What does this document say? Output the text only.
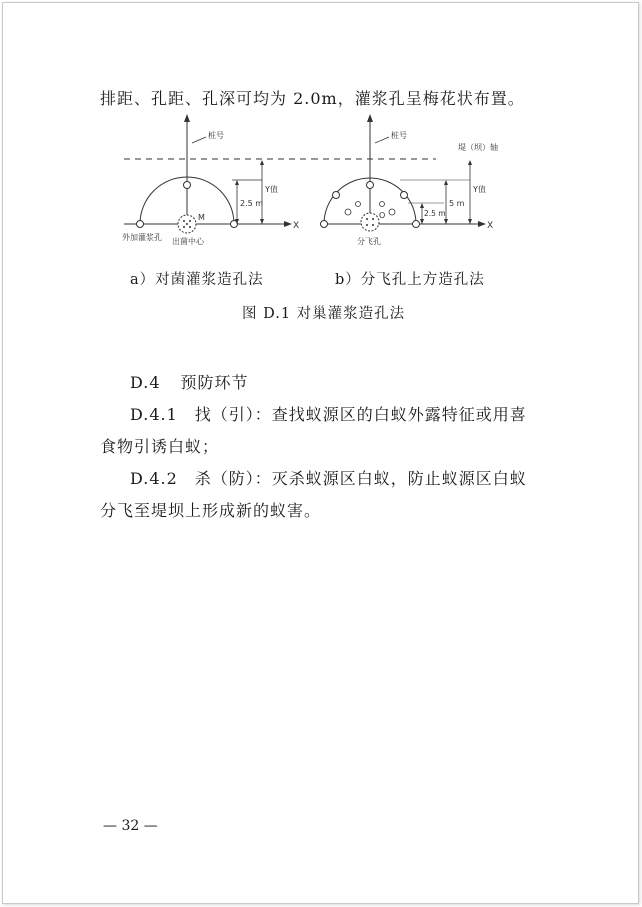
排距、孔距、孔深可均为 2.0m，灌浆孔呈梅花状布置。
X
M
桩号
2.5 m
Y值
外加灌浆孔 出菌中心
堤（坝）轴
X
O
桩号
2.5 m
5 m
Y值
分飞孔
a）对菌灌浆造孔法	b）分飞孔上方造孔法
图 D.1 对巢灌浆造孔法
D.4 预防环节
D.4.1　找（引）：查找蚁源区的白蚁外露特征或用喜
食物引诱白蚁；
D.4.2　杀（防）：灭杀蚁源区白蚁，防止蚁源区白蚁
分飞至堤坝上形成新的蚁害。
— 32 —
